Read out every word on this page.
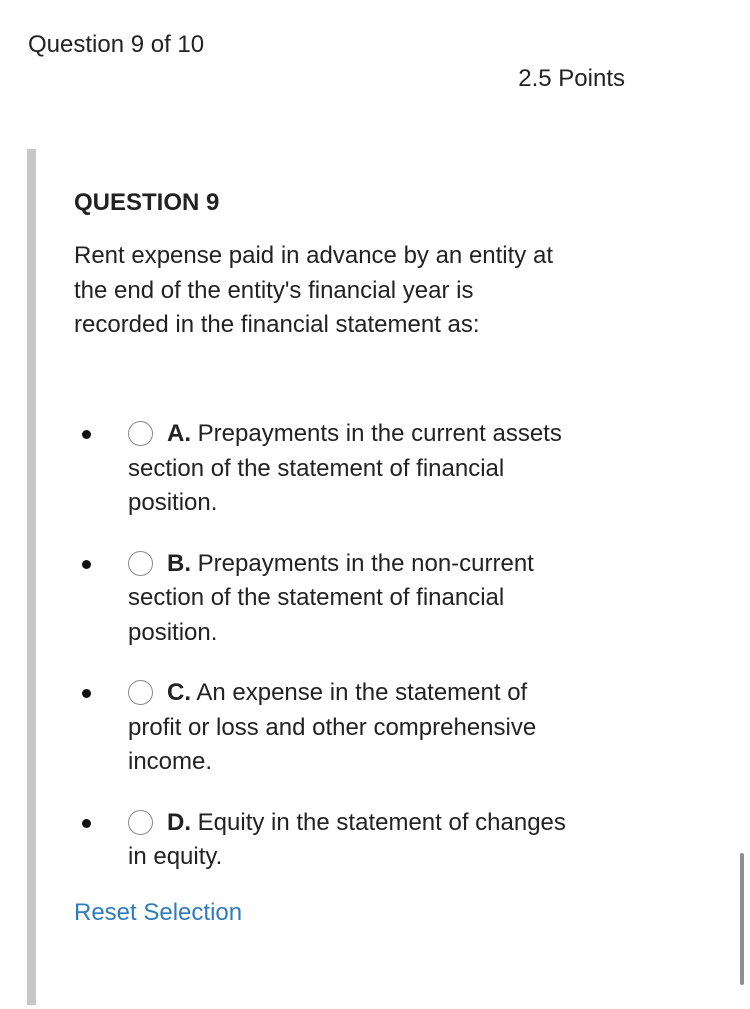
Question 9 of 10
2.5 Points
QUESTION 9
Rent expense paid in advance by an entity at the end of the entity's financial year is recorded in the financial statement as:
A. Prepayments in the current assets section of the statement of financial position.
B. Prepayments in the non-current section of the statement of financial position.
C. An expense in the statement of profit or loss and other comprehensive income.
D. Equity in the statement of changes in equity.
Reset Selection
